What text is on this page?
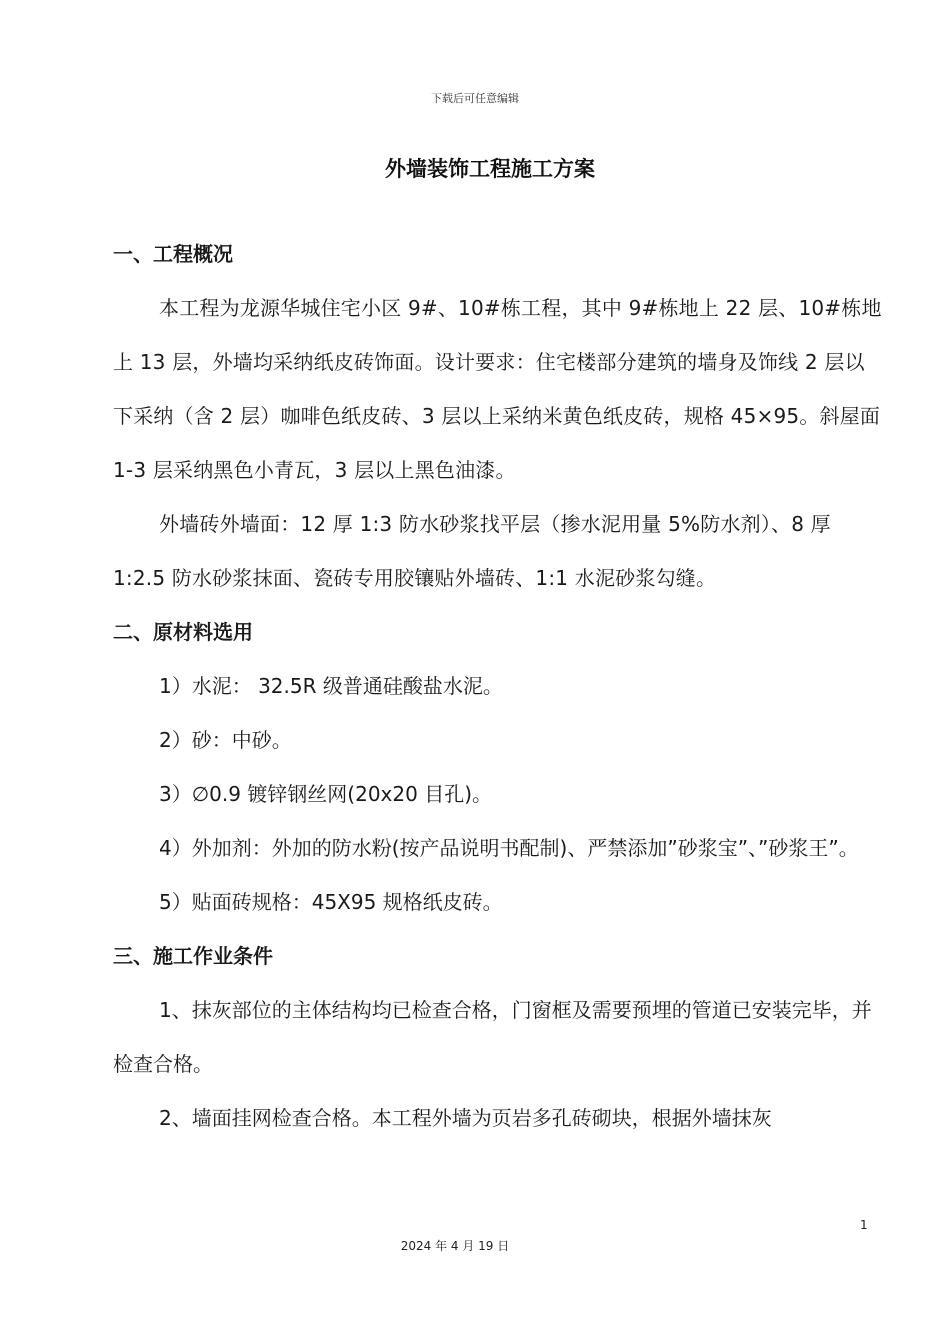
下载后可任意编辑
外墙装饰工程施工方案
一、工程概况

本工程为龙源华城住宅小区 9#、10#栋工程，其中 9#栋地上 22 层、10#栋地上 13 层，外墙均采纳纸皮砖饰面。设计要求：住宅楼部分建筑的墙身及饰线 2 层以下采纳（含 2 层）咖啡色纸皮砖、3 层以上采纳米黄色纸皮砖，规格 45×95。斜屋面 1-3 层采纳黑色小青瓦，3 层以上黑色油漆。

外墙砖外墙面：12 厚 1:3 防水砂浆找平层（掺水泥用量 5%防水剂）、8 厚 1:2.5 防水砂浆抹面、瓷砖专用胶镶贴外墙砖、1:1 水泥砂浆勾缝。

二、原材料选用

1）水泥： 32.5R 级普通硅酸盐水泥。

2）砂：中砂。

3）∅0.9 镀锌钢丝网(20x20 目孔)。

4）外加剂：外加的防水粉(按产品说明书配制)、严禁添加”砂浆宝”、”砂浆王”。

5）贴面砖规格：45X95 规格纸皮砖。

三、施工作业条件

1、抹灰部位的主体结构均已检查合格，门窗框及需要预埋的管道已安装完毕，并检查合格。

2、墙面挂网检查合格。本工程外墙为页岩多孔砖砌块，根据外墙抹灰

1
2024 年 4 月 19 日
